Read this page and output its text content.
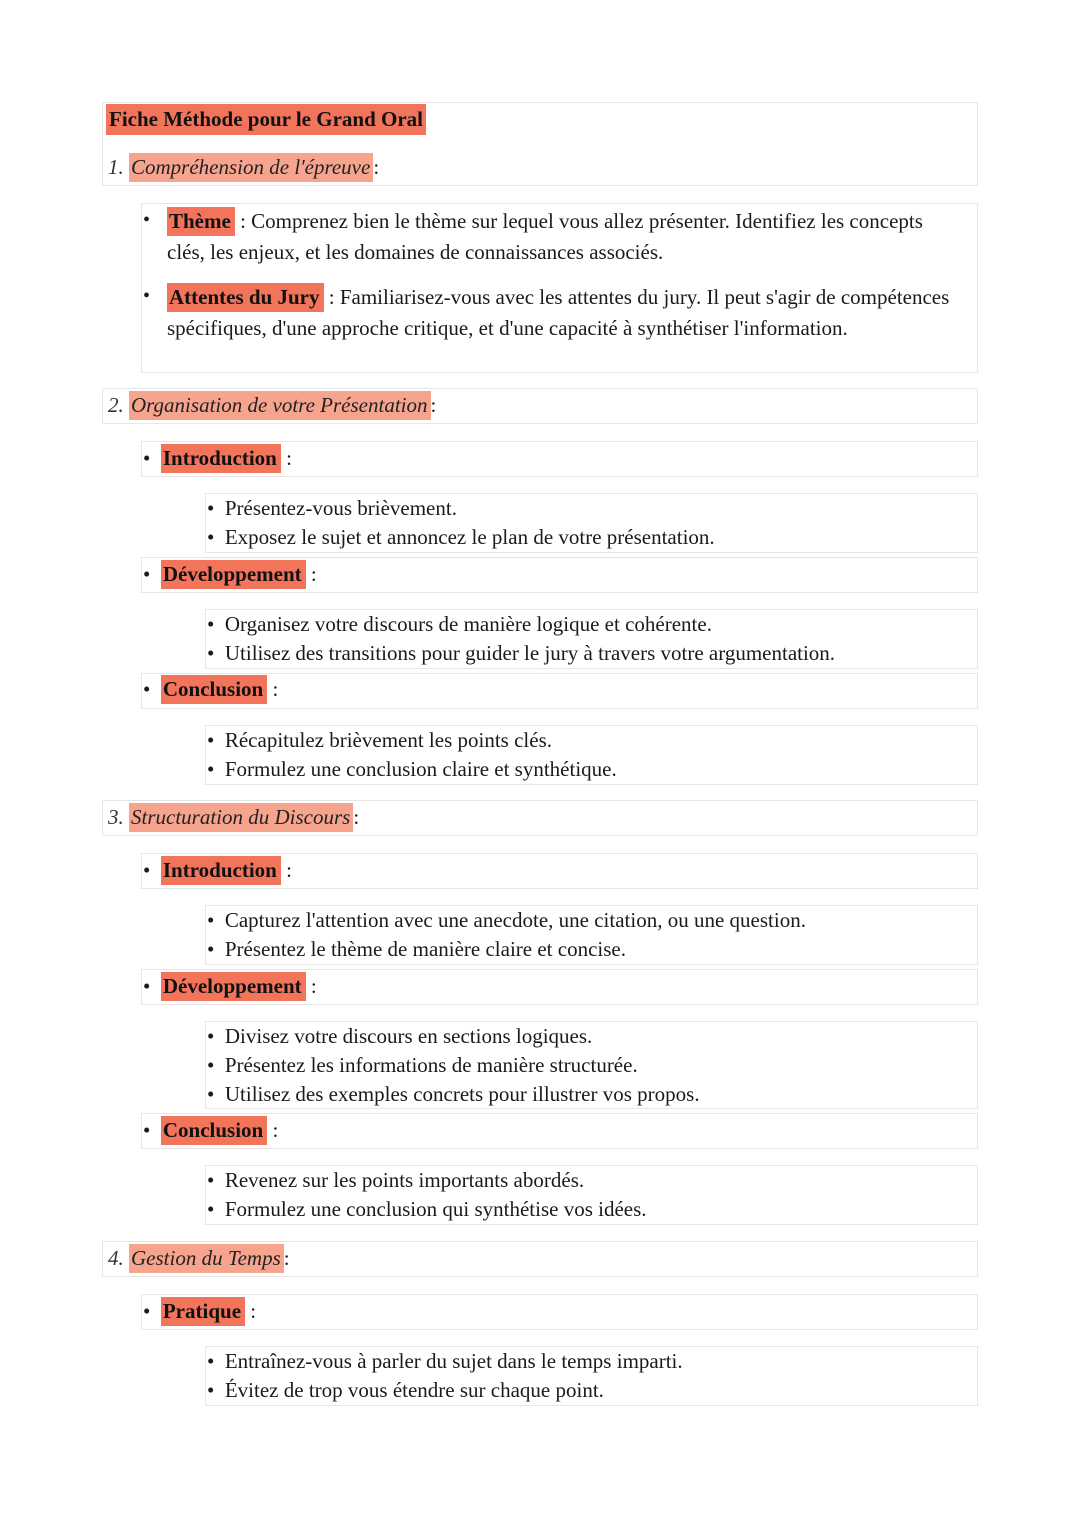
Fiche Méthode pour le Grand Oral
1. Compréhension de l'épreuve :
• Thème : Comprenez bien le thème sur lequel vous allez présenter. Identifiez les concepts clés, les enjeux, et les domaines de connaissances associés.
• Attentes du Jury : Familiarisez-vous avec les attentes du jury. Il peut s'agir de compétences spécifiques, d'une approche critique, et d'une capacité à synthétiser l'information.
2. Organisation de votre Présentation :
•  Introduction :
•  Présentez-vous brièvement.
•  Exposez le sujet et annoncez le plan de votre présentation.
•  Développement :
•  Organisez votre discours de manière logique et cohérente.
•  Utilisez des transitions pour guider le jury à travers votre argumentation.
•  Conclusion :
•  Récapitulez brièvement les points clés.
•  Formulez une conclusion claire et synthétique.
3. Structuration du Discours :
•  Introduction :
•  Capturez l'attention avec une anecdote, une citation, ou une question.
•  Présentez le thème de manière claire et concise.
•  Développement :
•  Divisez votre discours en sections logiques.
•  Présentez les informations de manière structurée.
•  Utilisez des exemples concrets pour illustrer vos propos.
•  Conclusion :
•  Revenez sur les points importants abordés.
•  Formulez une conclusion qui synthétise vos idées.
4. Gestion du Temps :
•  Pratique :
•  Entraînez-vous à parler du sujet dans le temps imparti.
•  Évitez de trop vous étendre sur chaque point.
